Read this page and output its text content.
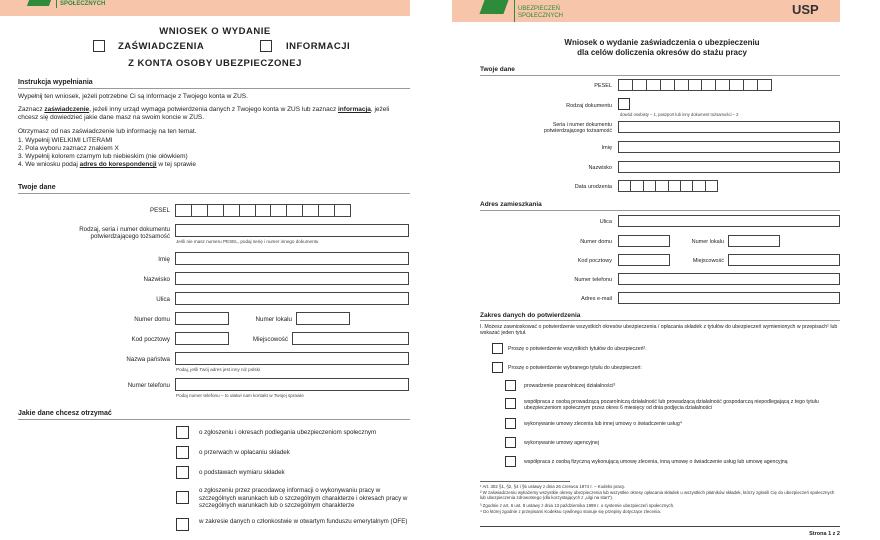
SPOŁECZNYCH
WNIOSEK O WYDANIE
ZAŚWIADCZENIA	INFORMACJI
Z KONTA OSOBY UBEZPIECZONEJ
Instrukcja wypełniania
Wypełnij ten wniosek, jeżeli potrzebne Ci są informacje z Twojego konta w ZUS.
Zaznacz zaświadczenie, jeżeli inny urząd wymaga potwierdzenia danych z Twojego konta w ZUS lub zaznacz informacja, jeżeli chcesz się dowiedzieć jakie dane masz na swoim koncie w ZUS.
Otrzymasz od nas zaświadczenie lub informację na ten temat.
1. Wypełnij WIELKIMI LITERAMI
2. Pola wyboru zaznacz znakiem X
3. Wypełnij kolorem czarnym lub niebieskim (nie ołówkiem)
4. We wniosku podaj adres do korespondencji w tej sprawie
Twoje dane
PESEL
Rodzaj, seria i numer dokumentu
potwierdzającego tożsamość
Jeśli nie masz numeru PESEL, podaj serię i numer innego dokumentu
Imię
Nazwisko
Ulica
Numer domu	Numer lokalu
Kod pocztowy	Miejscowość
Nazwa państwa
Podaj, jeśli Twój adres jest inny niż polski
Numer telefonu
Podaj numer telefonu – to ułatwi nam kontakt w Twojej sprawie
Jakie dane chcesz otrzymać
o zgłoszeniu i okresach podlegania ubezpieczeniom społecznym
o przerwach w opłacaniu składek
o podstawach wymiaru składek
o zgłoszeniu przez pracodawcę informacji o wykonywaniu pracy w szczególnych warunkach lub o szczególnym charakterze i okresach pracy w szczególnych warunkach lub o szczególnym charakterze
w zakresie danych o członkostwie w otwartym funduszu emerytalnym (OFE)
UBEZPIECZEŃ
SPOŁECZNYCH	USP
Wniosek o wydanie zaświadczenia o ubezpieczeniu
dla celów doliczenia okresów do stażu pracy
Twoje dane
PESEL
Rodzaj dokumentu
dowód osobisty – 1, paszport lub inny dokument tożsamości – 2
Seria i numer dokumentu
potwierdzającego tożsamość
Imię
Nazwisko
Data urodzenia
Adres zamieszkania
Ulica
Numer domu	Numer lokalu
Kod pocztowy	Miejscowość
Numer telefonu
Adres e-mail
Zakres danych do potwierdzenia
I. Możesz zawnioskować o potwierdzenie wszystkich okresów ubezpieczenia / opłacania składek z tytułów do ubezpieczeń wymienionych w przepisach¹ lub wskazać jeden tytuł.
Proszę o potwierdzenie wszystkich tytułów do ubezpieczeń².
Proszę o potwierdzenie wybranego tytułu do ubezpieczeń:
prowadzenie pozarolniczej działalności³
współpraca z osobą prowadzącą pozarolniczą działalność lub prowadzącą działalność gospodarczą niepodlegającą z tego tytułu ubezpieczeniom społecznym przez okres 6 miesięcy od dnia podjęcia działalności
wykonywanie umowy zlecenia lub innej umowy o świadczenie usług⁴
wykonywanie umowy agencyjnej
współpraca z osobą fizyczną wykonującą umowę zlecenia, inną umowę o świadczenie usług lub umowę agencyjną
¹ Art. 302 §1, §2, §4 i §5 ustawy z dnia 26 czerwca 1974 r. – Kodeks pracy.
² W zaświadczeniu wykażemy wszystkie okresy ubezpieczenia lub wszystkie okresy opłacania składek u wszystkich płatników składek, którzy zgłosili Cię do ubezpieczeń społecznych lub ubezpieczenia zdrowotnego (dla korzystających z „ulgi na start”).
³ Zgodnie z art. 6 ust. 8 ustawy z dnia 13 października 1998 r. o systemie ubezpieczeń społecznych.
⁴ Do której zgodnie z przepisami Kodeksu cywilnego stosuje się przepisy dotyczące zlecenia.
Strona 1 z 2
